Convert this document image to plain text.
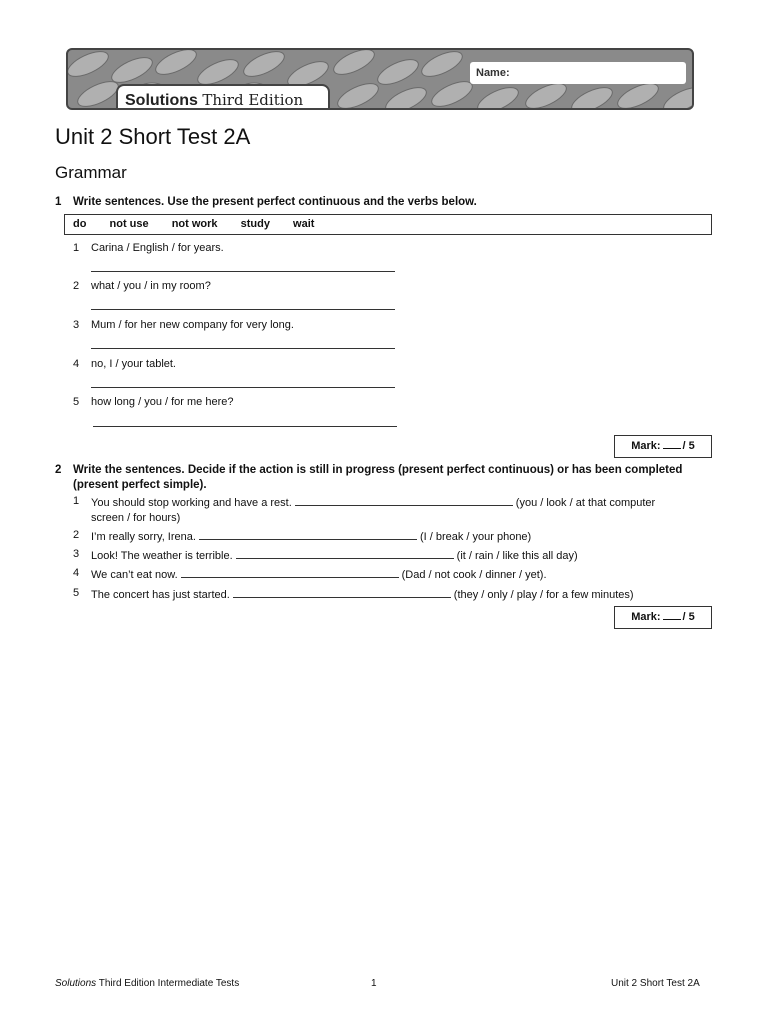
Name:
Solutions Third Edition
Unit 2 Short Test 2A
Grammar
1 Write sentences. Use the present perfect continuous and the verbs below.
do not use not work study wait
1 Carina / English / for years.
2 what / you / in my room?
3 Mum / for her new company for very long.
4 no, I / your tablet.
5 how long / you / for me here?
Mark: / 5
2 Write the sentences. Decide if the action is still in progress (present perfect continuous) or has been completed (present perfect simple).
1 You should stop working and have a rest.	(you / look / at that computer
screen / for hours)
2 I’m really sorry, Irena.	(I / break / your phone)
3 Look! The weather is terrible.	(it / rain / like this all day)
4 We can’t eat now.	(Dad / not cook / dinner / yet).
5 The concert has just started.	(they / only / play / for a few minutes)
Mark: / 5
Solutions Third Edition Intermediate Tests	1	Unit 2 Short Test 2A
